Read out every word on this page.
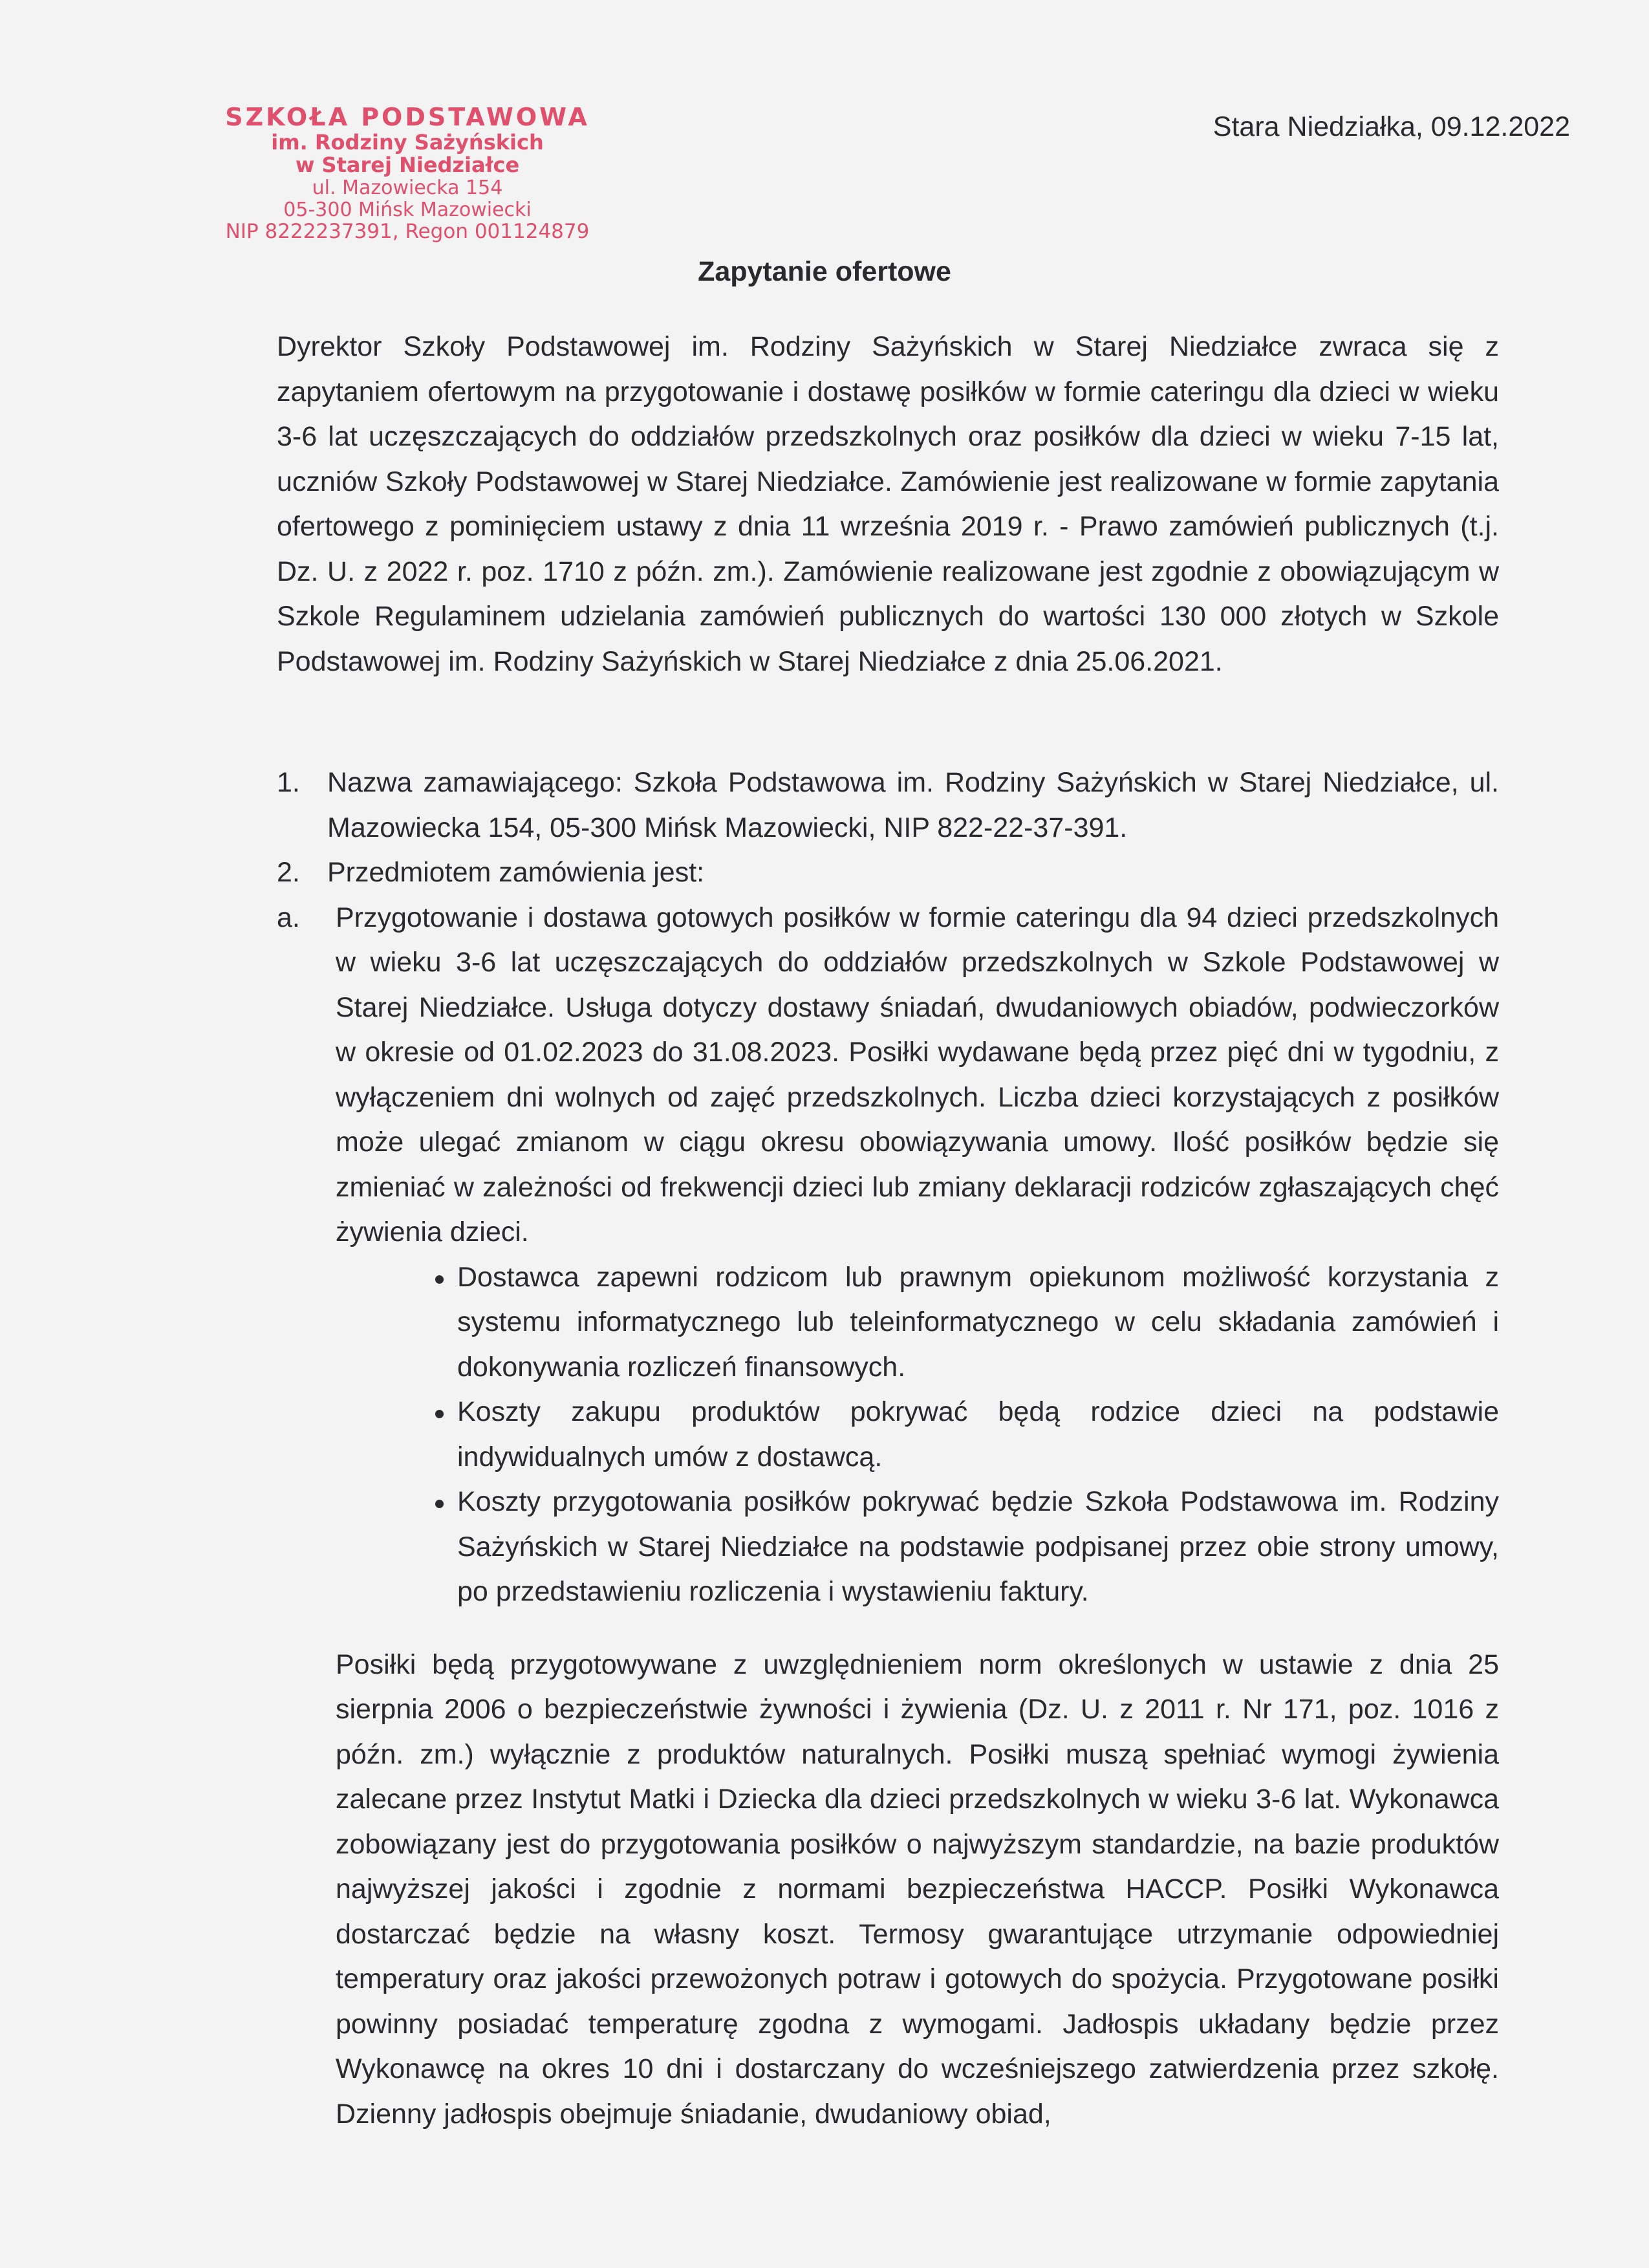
SZKOŁA PODSTAWOWA
im. Rodziny Sażyńskich
w Starej Niedziałce
ul. Mazowiecka 154
05-300 Mińsk Mazowiecki
NIP 8222237391, Regon 001124879
Stara Niedziałka, 09.12.2022
Zapytanie ofertowe
Dyrektor Szkoły Podstawowej im. Rodziny Sażyńskich w Starej Niedziałce zwraca się z zapytaniem ofertowym na przygotowanie i dostawę posiłków w formie cateringu dla dzieci w wieku 3-6 lat uczęszczających do oddziałów przedszkolnych oraz posiłków dla dzieci w wieku 7-15 lat, uczniów Szkoły Podstawowej w Starej Niedziałce. Zamówienie jest realizowane w formie zapytania ofertowego z pominięciem ustawy z dnia 11 września 2019 r. - Prawo zamówień publicznych (t.j. Dz. U. z 2022 r. poz. 1710 z późn. zm.). Zamówienie realizowane jest zgodnie z obowiązującym w Szkole Regulaminem udzielania zamówień publicznych do wartości 130 000 złotych w Szkole Podstawowej im. Rodziny Sażyńskich w Starej Niedziałce z dnia 25.06.2021.
1. Nazwa zamawiającego: Szkoła Podstawowa im. Rodziny Sażyńskich w Starej Niedziałce, ul. Mazowiecka 154, 05-300 Mińsk Mazowiecki, NIP 822-22-37-391.
2. Przedmiotem zamówienia jest:
a. Przygotowanie i dostawa gotowych posiłków w formie cateringu dla 94 dzieci przedszkolnych w wieku 3-6 lat uczęszczających do oddziałów przedszkolnych w Szkole Podstawowej w Starej Niedziałce. Usługa dotyczy dostawy śniadań, dwudaniowych obiadów, podwieczorków w okresie od 01.02.2023 do 31.08.2023. Posiłki wydawane będą przez pięć dni w tygodniu, z wyłączeniem dni wolnych od zajęć przedszkolnych. Liczba dzieci korzystających z posiłków może ulegać zmianom w ciągu okresu obowiązywania umowy. Ilość posiłków będzie się zmieniać w zależności od frekwencji dzieci lub zmiany deklaracji rodziców zgłaszających chęć żywienia dzieci.
Dostawca zapewni rodzicom lub prawnym opiekunom możliwość korzystania z systemu informatycznego lub teleinformatycznego w celu składania zamówień i dokonywania rozliczeń finansowych.
Koszty zakupu produktów pokrywać będą rodzice dzieci na podstawie indywidualnych umów z dostawcą.
Koszty przygotowania posiłków pokrywać będzie Szkoła Podstawowa im. Rodziny Sażyńskich w Starej Niedziałce na podstawie podpisanej przez obie strony umowy, po przedstawieniu rozliczenia i wystawieniu faktury.
Posiłki będą przygotowywane z uwzględnieniem norm określonych w ustawie z dnia 25 sierpnia 2006 o bezpieczeństwie żywności i żywienia (Dz. U. z 2011 r. Nr 171, poz. 1016 z późn. zm.) wyłącznie z produktów naturalnych. Posiłki muszą spełniać wymogi żywienia zalecane przez Instytut Matki i Dziecka dla dzieci przedszkolnych w wieku 3-6 lat. Wykonawca zobowiązany jest do przygotowania posiłków o najwyższym standardzie, na bazie produktów najwyższej jakości i zgodnie z normami bezpieczeństwa HACCP. Posiłki Wykonawca dostarczać będzie na własny koszt. Termosy gwarantujące utrzymanie odpowiedniej temperatury oraz jakości przewożonych potraw i gotowych do spożycia. Przygotowane posiłki powinny posiadać temperaturę zgodna z wymogami. Jadłospis układany będzie przez Wykonawcę na okres 10 dni i dostarczany do wcześniejszego zatwierdzenia przez szkołę. Dzienny jadłospis obejmuje śniadanie, dwudaniowy obiad,
